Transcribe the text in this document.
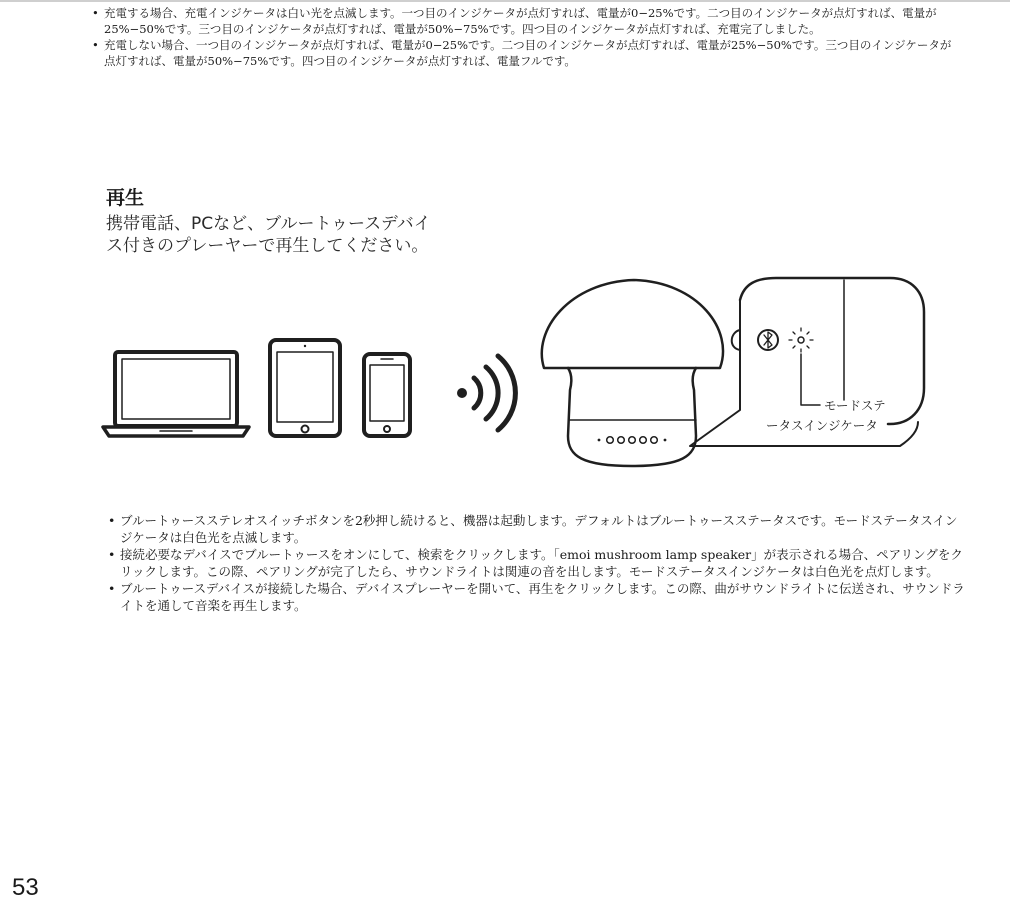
• 充電する場合、充電インジケータは白い光を点滅します。一つ目のインジケータが点灯すれば、電量が0−25%です。二つ目のインジケータが点灯すれば、電量が25%−50%です。三つ目のインジケータが点灯すれば、電量が50%−75%です。四つ目のインジケータが点灯すれば、充電完了しました。
• 充電しない場合、一つ目のインジケータが点灯すれば、電量が0−25%です。二つ目のインジケータが点灯すれば、電量が25%−50%です。三つ目のインジケータが点灯すれば、電量が50%−75%です。四つ目のインジケータが点灯すれば、電量フルです。
再生
携帯電話、PCなど、ブルートゥースデバイ
ス付きのプレーヤーで再生してください。
モードステ
ータスインジケータ
• ブルートゥースステレオスイッチボタンを2秒押し続けると、機器は起動します。デフォルトはブルートゥースステータスです。モードステータスインジケータは白色光を点滅します。
• 接続必要なデバイスでブルートゥースをオンにして、検索をクリックします。「emoi mushroom lamp speaker」が表示される場合、ペアリングをクリックします。この際、ペアリングが完了したら、サウンドライトは関連の音を出します。モードステータスインジケータは白色光を点灯します。
• ブルートゥースデバイスが接続した場合、デバイスプレーヤーを開いて、再生をクリックします。この際、曲がサウンドライトに伝送され、サウンドライトを通して音楽を再生します。
53
